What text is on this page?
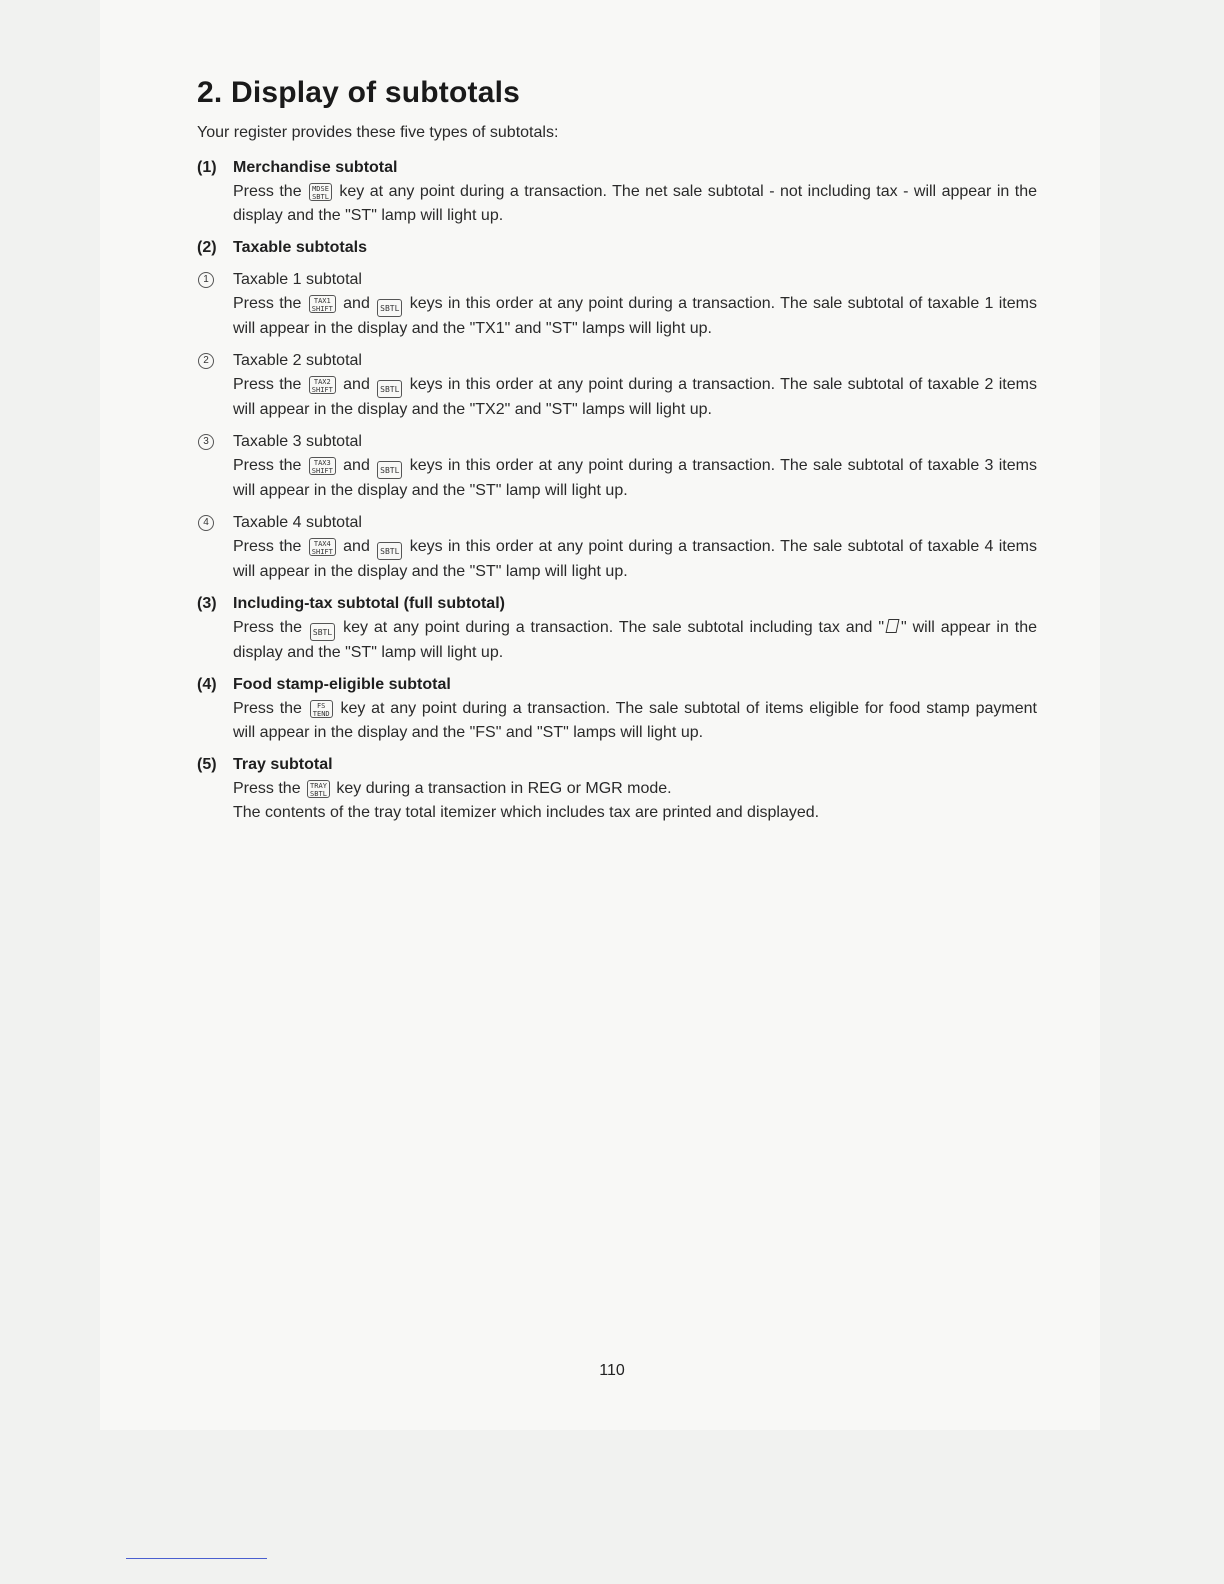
2. Display of subtotals

Your register provides these five types of subtotals:

(1)	Merchandise subtotal
Press the MDSE
SBTL key at any point during a transaction. The net sale subtotal - not including tax - will appear in the display and the "ST" lamp will light up.
(2)	Taxable subtotals
1	Taxable 1 subtotal
Press the TAX1
SHIFT and SBTL keys in this order at any point during a transaction. The sale subtotal of taxable 1 items will appear in the display and the "TX1" and "ST" lamps will light up.
2	Taxable 2 subtotal
Press the TAX2
SHIFT and SBTL keys in this order at any point during a transaction. The sale subtotal of taxable 2 items will appear in the display and the "TX2" and "ST" lamps will light up.
3	Taxable 3 subtotal
Press the TAX3
SHIFT and SBTL keys in this order at any point during a transaction. The sale subtotal of taxable 3 items will appear in the display and the "ST" lamp will light up.
4	Taxable 4 subtotal
Press the TAX4
SHIFT and SBTL keys in this order at any point during a transaction. The sale subtotal of taxable 4 items will appear in the display and the "ST" lamp will light up.
(3)	Including-tax subtotal (full subtotal)
Press the SBTL key at any point during a transaction. The sale subtotal including tax and " " will appear in the display and the "ST" lamp will light up.
(4)	Food stamp-eligible subtotal
Press the FS
TEND key at any point during a transaction. The sale subtotal of items eligible for food stamp payment will appear in the display and the "FS" and "ST" lamps will light up.
(5)	Tray subtotal
Press the TRAY
SBTL key during a transaction in REG or MGR mode.
The contents of the tray total itemizer which includes tax are printed and displayed.
110
